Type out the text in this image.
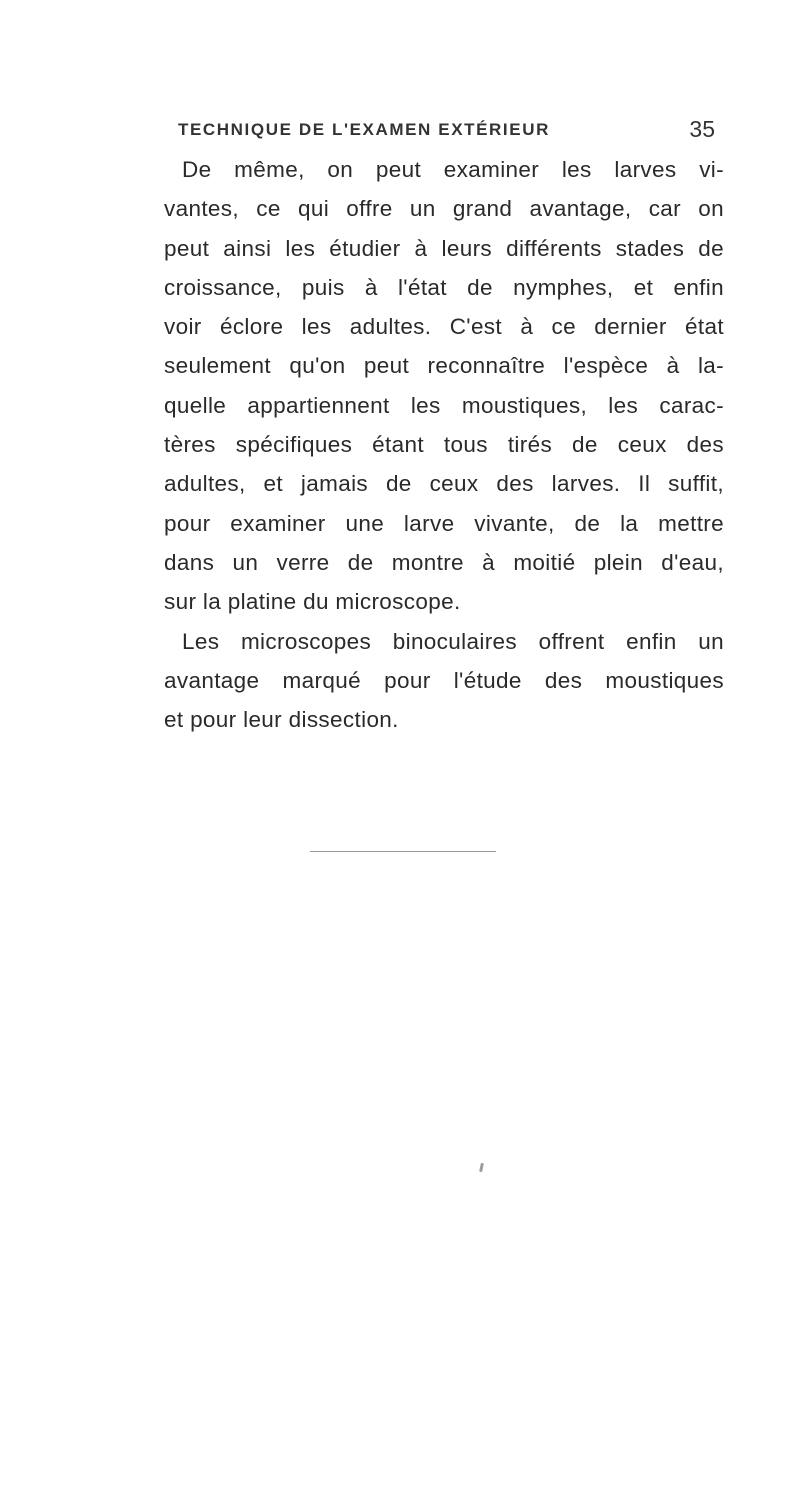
TECHNIQUE DE L'EXAMEN EXTÉRIEUR	35
De même, on peut examiner les larves vi-
vantes, ce qui offre un grand avantage, car on
peut ainsi les étudier à leurs différents stades de
croissance, puis à l'état de nymphes, et enfin
voir éclore les adultes. C'est à ce dernier état
seulement qu'on peut reconnaître l'espèce à la-
quelle appartiennent les moustiques, les carac-
tères spécifiques étant tous tirés de ceux des
adultes, et jamais de ceux des larves. Il suffit,
pour examiner une larve vivante, de la mettre
dans un verre de montre à moitié plein d'eau,
sur la platine du microscope.
Les microscopes binoculaires offrent enfin un
avantage marqué pour l'étude des moustiques
et pour leur dissection.
